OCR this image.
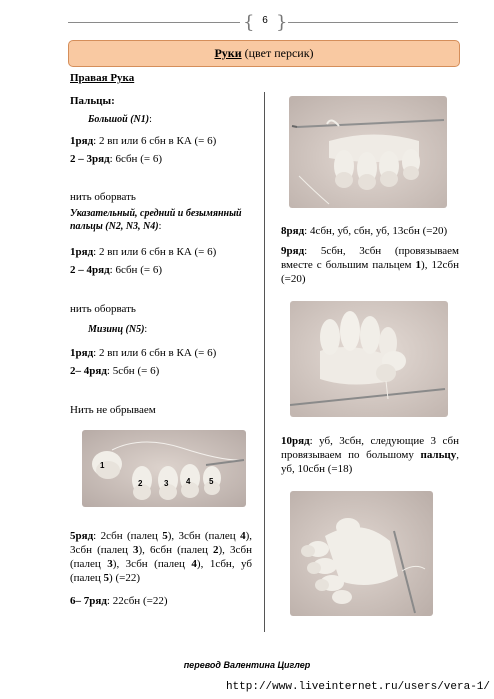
{ 6 }
Руки (цвет персик)
Правая Рука
Пальцы:
Большой (N1):
1ряд: 2 вп или 6 сбн в КА (= 6)
2 – 3ряд: 6сбн (= 6)
нить оборвать
Указательный, средний и безымянный
пальцы (N2, N3, N4):
1ряд: 2 вп или 6 сбн в КА (= 6)
2 – 4ряд: 6сбн (= 6)
нить оборвать
Мизинц (N5):
1ряд: 2 вп или 6 сбн в КА (= 6)
2– 4ряд: 5сбн (= 6)
Нить не обрываем
1
2	3 4 5
5ряд: 2сбн (палец 5), 3сбн (палец 4), 3сбн (палец 3), 6сбн (палец 2), 3сбн (палец 3), 3сбн (палец 4), 1сбн, уб (палец 5) (=22)
6– 7ряд: 22сбн (=22)
8ряд: 4сбн, уб, сбн, уб, 13сбн (=20)
9ряд: 5сбн, 3сбн (провязываем вместе с большим пальцем 1), 12сбн (=20)
10ряд: уб, 3сбн, следующие 3 сбн провязываем по большому пальцу, уб, 10сбн (=18)
перевод Валентина Циглер
http://www.liveinternet.ru/users/vera-1/
